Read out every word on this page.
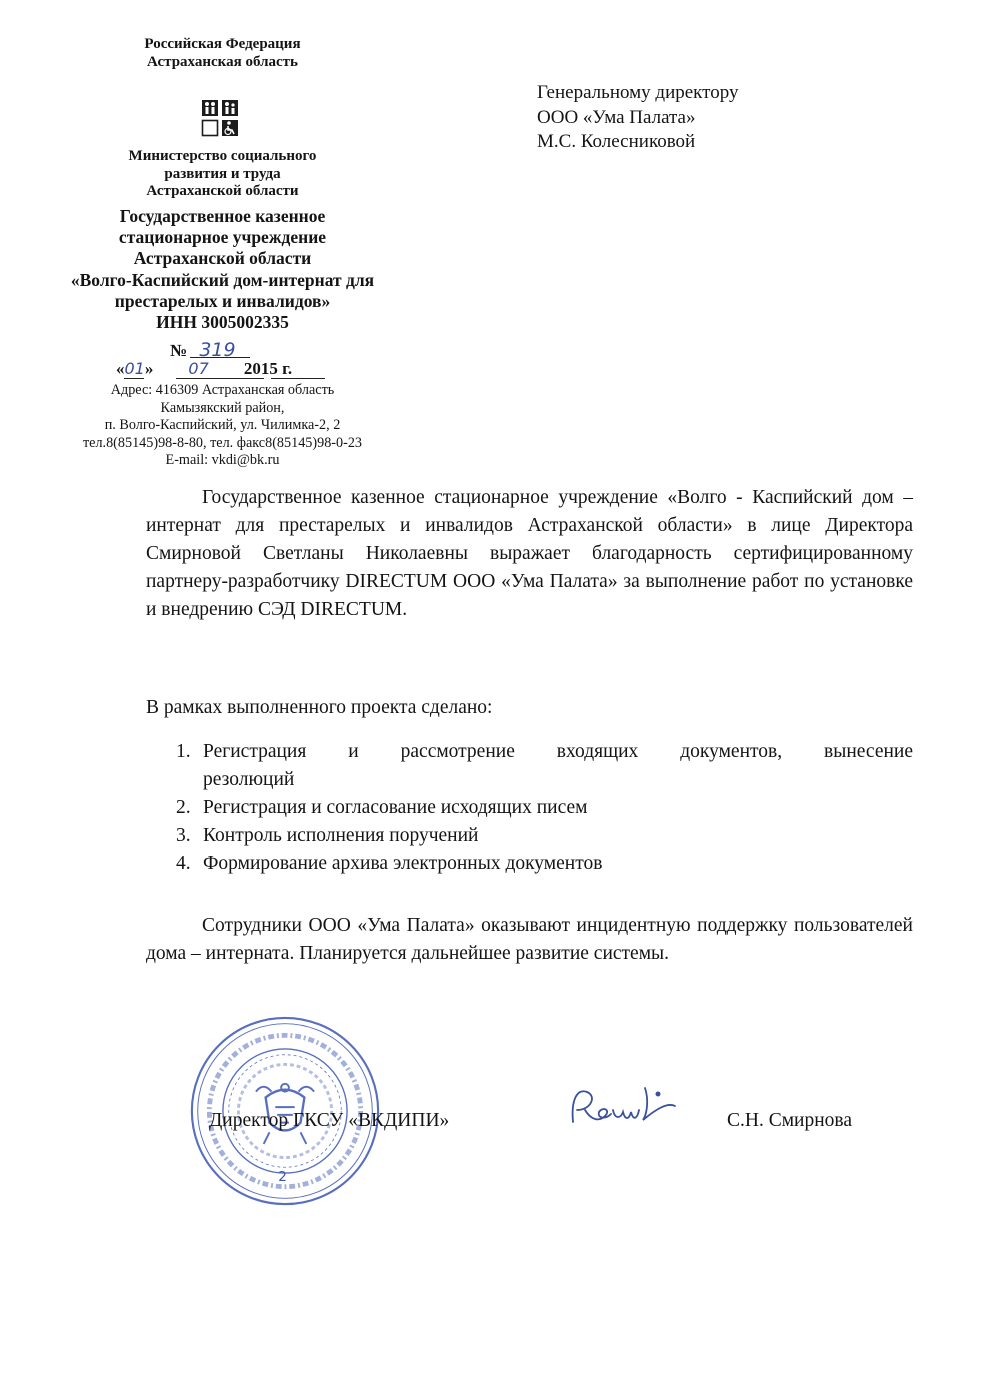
Российская Федерация
Астраханская область
Министерство социального
развития и труда
Астраханской области
Государственное казенное
стационарное учреждение
Астраханской области
«Волго-Каспийский дом-интернат для
престарелых и инвалидов»
ИНН 3005002335
№ 319
«01» 07 2015 г.
Адрес: 416309 Астраханская область
Камызякский район,
п. Волго-Каспийский, ул. Чилимка-2, 2
тел.8(85145)98-8-80, тел. факс8(85145)98-0-23
E-mail: vkdi@bk.ru
Генеральному директору
ООО «Ума Палата»
М.С. Колесниковой

Государственное казенное стационарное учреждение «Волго - Каспийский дом – интернат для престарелых и инвалидов Астраханской области» в лице Директора Смирновой Светланы Николаевны выражает благодарность сертифицированному партнеру-разработчику DIRECTUM ООО «Ума Палата» за выполнение работ по установке и внедрению СЭД DIRECTUM.

В рамках выполненного проекта сделано:

1. Регистрация и рассмотрение входящих документов, вынесение
резолюций
2. Регистрация и согласование исходящих писем
3. Контроль исполнения поручений
4. Формирование архива электронных документов

Сотрудники ООО «Ума Палата» оказывают инцидентную поддержку пользователей дома – интерната. Планируется дальнейшее развитие системы.

2
Директор ГКСУ «ВКДИПИ»	С.Н. Смирнова
